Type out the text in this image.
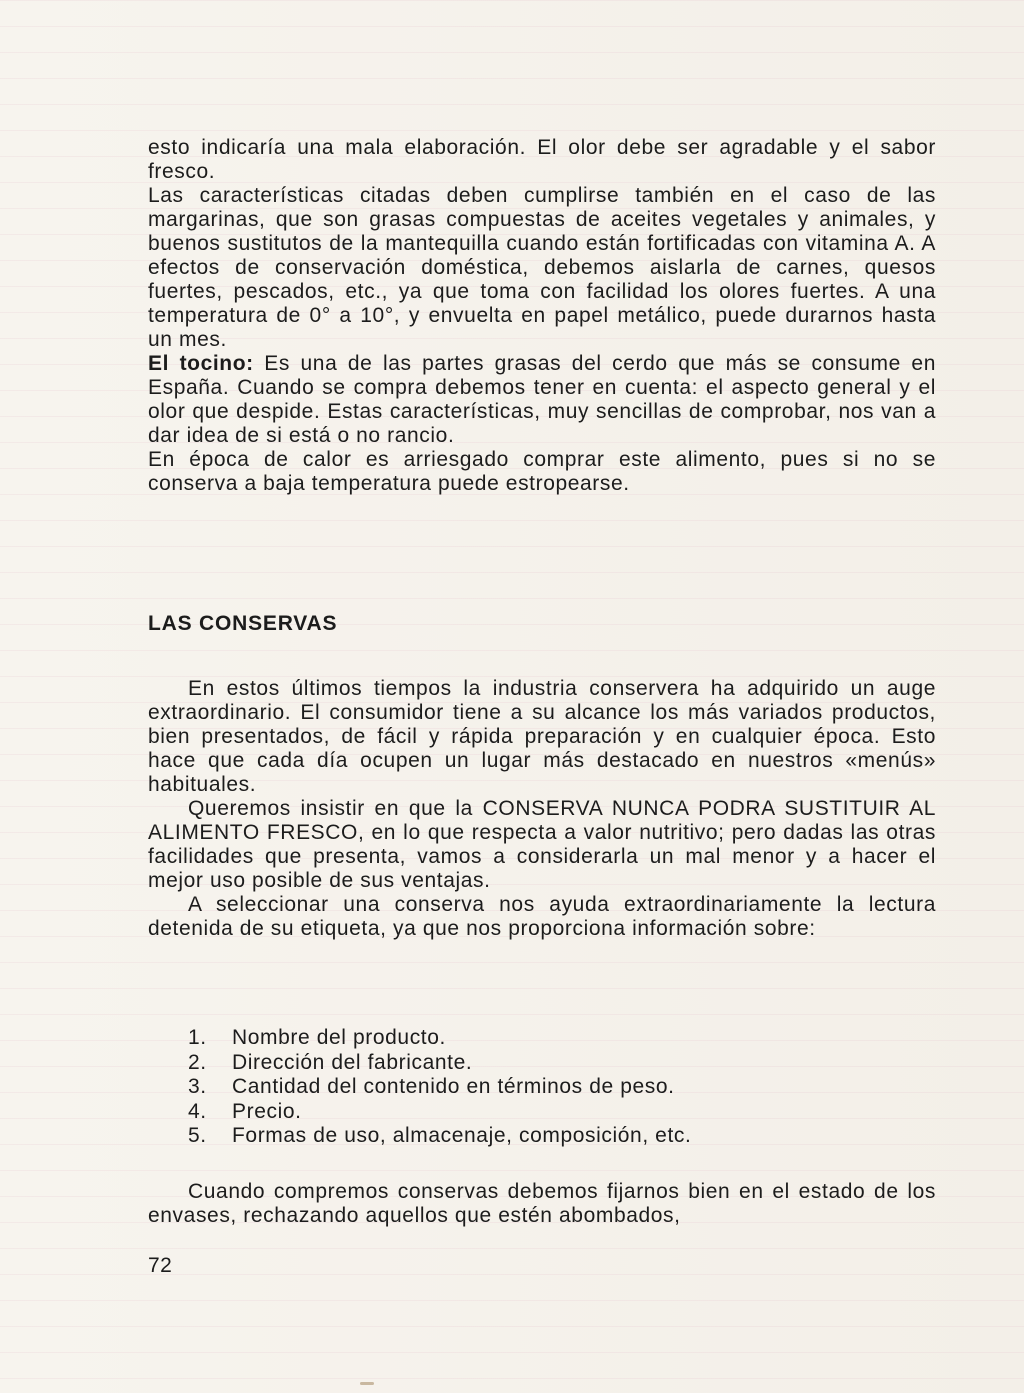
esto indicaría una mala elaboración. El olor debe ser agradable y el sabor fresco.

Las características citadas deben cumplirse también en el caso de las margarinas, que son grasas compuestas de aceites vegetales y animales, y buenos sustitutos de la mantequilla cuando están fortificadas con vitamina A. A efectos de conservación doméstica, debemos aislarla de carnes, quesos fuertes, pescados, etc., ya que toma con facilidad los olores fuertes. A una temperatura de 0° a 10°, y envuelta en papel metálico, puede durarnos hasta un mes.

El tocino: Es una de las partes grasas del cerdo que más se consume en España. Cuando se compra debemos tener en cuenta: el aspecto general y el olor que despide. Estas características, muy sencillas de comprobar, nos van a dar idea de si está o no rancio.

En época de calor es arriesgado comprar este alimento, pues si no se conserva a baja temperatura puede estropearse.

LAS CONSERVAS

En estos últimos tiempos la industria conservera ha adquirido un auge extraordinario. El consumidor tiene a su alcance los más variados productos, bien presentados, de fácil y rápida preparación y en cualquier época. Esto hace que cada día ocupen un lugar más destacado en nuestros «menús» habituales.

Queremos insistir en que la CONSERVA NUNCA PODRA SUSTITUIR AL ALIMENTO FRESCO, en lo que respecta a valor nutritivo; pero dadas las otras facilidades que presenta, vamos a considerarla un mal menor y a hacer el mejor uso posible de sus ventajas.

A seleccionar una conserva nos ayuda extraordinariamente la lectura detenida de su etiqueta, ya que nos proporciona información sobre:

1.	Nombre del producto.
2.	Dirección del fabricante.
3.	Cantidad del contenido en términos de peso.
4.	Precio.
5.	Formas de uso, almacenaje, composición, etc.

Cuando compremos conservas debemos fijarnos bien en el estado de los envases, rechazando aquellos que estén abombados,

72
